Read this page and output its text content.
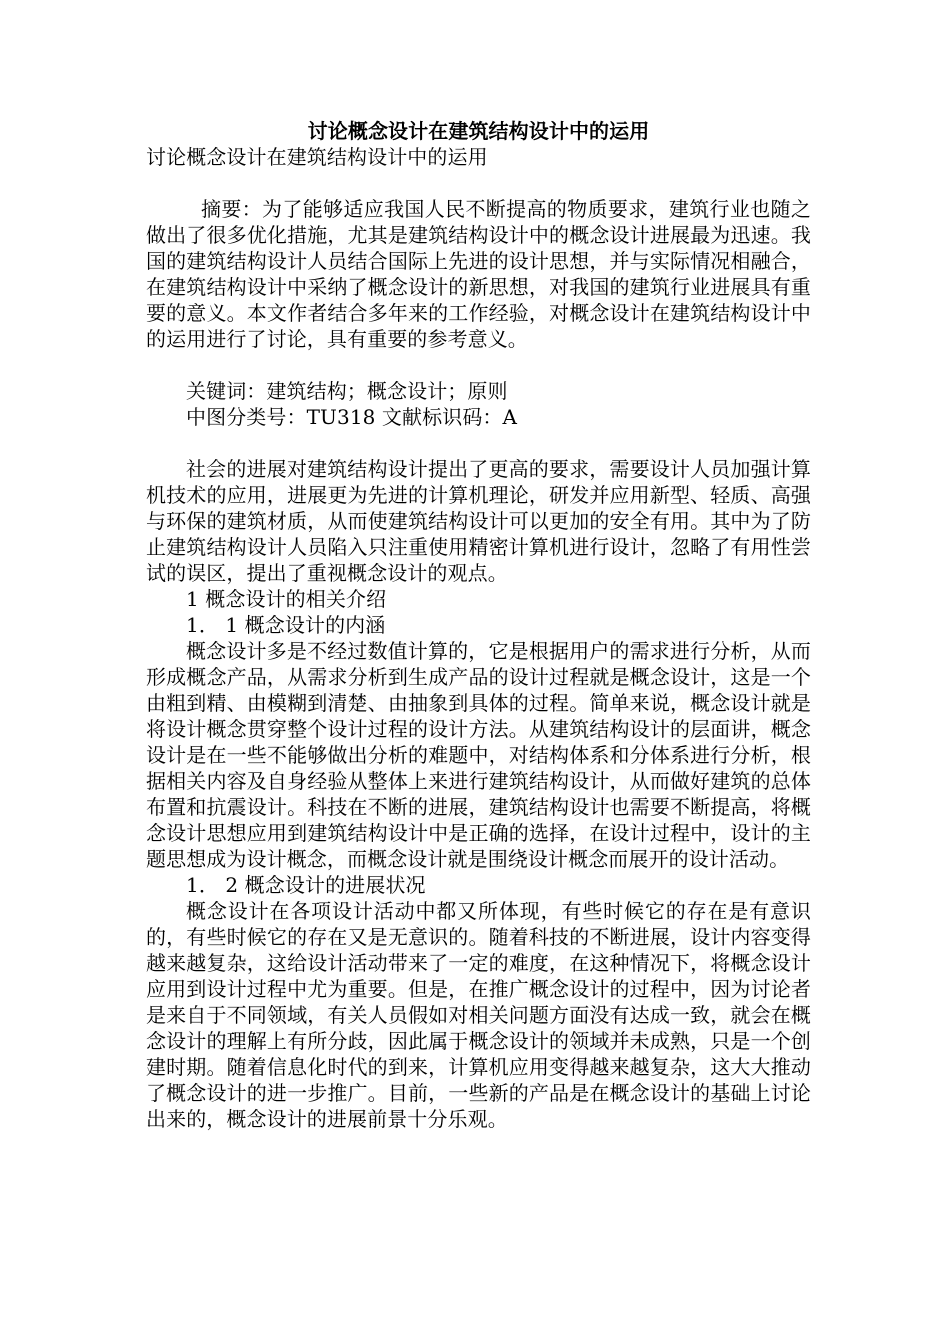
讨论概念设计在建筑结构设计中的运用

讨论概念设计在建筑结构设计中的运用

摘要：为了能够适应我国人民不断提高的物质要求，建筑行业也随之做出了很多优化措施，尤其是建筑结构设计中的概念设计进展最为迅速。我国的建筑结构设计人员结合国际上先进的设计思想，并与实际情况相融合，在建筑结构设计中采纳了概念设计的新思想，对我国的建筑行业进展具有重要的意义。本文作者结合多年来的工作经验，对概念设计在建筑结构设计中的运用进行了讨论，具有重要的参考意义。

关键词：建筑结构；概念设计；原则

中图分类号：TU318 文献标识码：A

社会的进展对建筑结构设计提出了更高的要求，需要设计人员加强计算机技术的应用，进展更为先进的计算机理论，研发并应用新型、轻质、高强与环保的建筑材质，从而使建筑结构设计可以更加的安全有用。其中为了防止建筑结构设计人员陷入只注重使用精密计算机进行设计，忽略了有用性尝试的误区，提出了重视概念设计的观点。

1 概念设计的相关介绍

1． 1 概念设计的内涵

概念设计多是不经过数值计算的，它是根据用户的需求进行分析，从而形成概念产品，从需求分析到生成产品的设计过程就是概念设计，这是一个由粗到精、由模糊到清楚、由抽象到具体的过程。简单来说，概念设计就是将设计概念贯穿整个设计过程的设计方法。从建筑结构设计的层面讲，概念设计是在一些不能够做出分析的难题中，对结构体系和分体系进行分析，根据相关内容及自身经验从整体上来进行建筑结构设计，从而做好建筑的总体布置和抗震设计。科技在不断的进展，建筑结构设计也需要不断提高，将概念设计思想应用到建筑结构设计中是正确的选择，在设计过程中，设计的主题思想成为设计概念，而概念设计就是围绕设计概念而展开的设计活动。

1． 2 概念设计的进展状况

概念设计在各项设计活动中都又所体现，有些时候它的存在是有意识的，有些时候它的存在又是无意识的。随着科技的不断进展，设计内容变得越来越复杂，这给设计活动带来了一定的难度，在这种情况下，将概念设计应用到设计过程中尤为重要。但是，在推广概念设计的过程中，因为讨论者是来自于不同领域，有关人员假如对相关问题方面没有达成一致，就会在概念设计的理解上有所分歧，因此属于概念设计的领域并未成熟，只是一个创建时期。随着信息化时代的到来，计算机应用变得越来越复杂，这大大推动了概念设计的进一步推广。目前，一些新的产品是在概念设计的基础上讨论出来的，概念设计的进展前景十分乐观。
